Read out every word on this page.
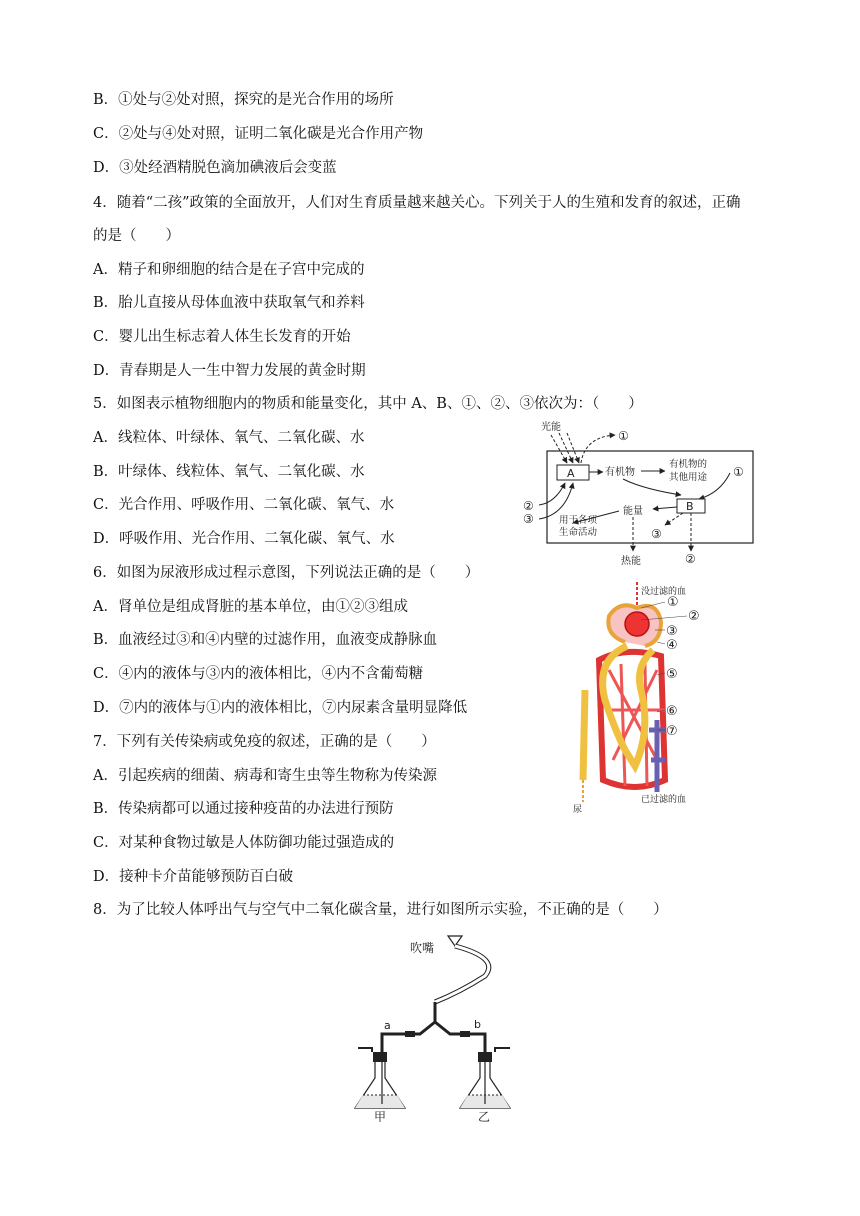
B．①处与②处对照，探究的是光合作用的场所
C．②处与④处对照，证明二氧化碳是光合作用产物
D．③处经酒精脱色滴加碘液后会变蓝
4．随着“二孩”政策的全面放开，人们对生育质量越来越关心。下列关于人的生殖和发育的叙述，正确
的是（　　）
A．精子和卵细胞的结合是在子宫中完成的
B．胎儿直接从母体血液中获取氧气和养料
C．婴儿出生标志着人体生长发育的开始
D．青春期是人一生中智力发展的黄金时期
5．如图表示植物细胞内的物质和能量变化，其中 A、B、①、②、③依次为：（　　）
A．线粒体、叶绿体、氧气、二氧化碳、水
B．叶绿体、线粒体、氧气、二氧化碳、水
C．光合作用、呼吸作用、二氧化碳、氧气、水
D．呼吸作用、光合作用、二氧化碳、氧气、水
光能
①
A	有机物
有机物的
其他用途 ①
B
能量
热能
用于各项
生命活动	③
②
②
③
6．如图为尿液形成过程示意图，下列说法正确的是（　　）
A．肾单位是组成肾脏的基本单位，由①②③组成
B．血液经过③和④内壁的过滤作用，血液变成静脉血
C．④内的液体与③内的液体相比，④内不含葡萄糖
D．⑦内的液体与①内的液体相比，⑦内尿素含量明显降低
没过滤的血
尿
已过滤的血
①
②
③
④
⑤
⑥
⑦
7．下列有关传染病或免疫的叙述，正确的是（　　）
A．引起疾病的细菌、病毒和寄生虫等生物称为传染源
B．传染病都可以通过接种疫苗的办法进行预防
C．对某种食物过敏是人体防御功能过强造成的
D．接种卡介苗能够预防百白破
8．为了比较人体呼出气与空气中二氧化碳含量，进行如图所示实验，不正确的是（　　）
吹嘴
a	b
甲	乙
